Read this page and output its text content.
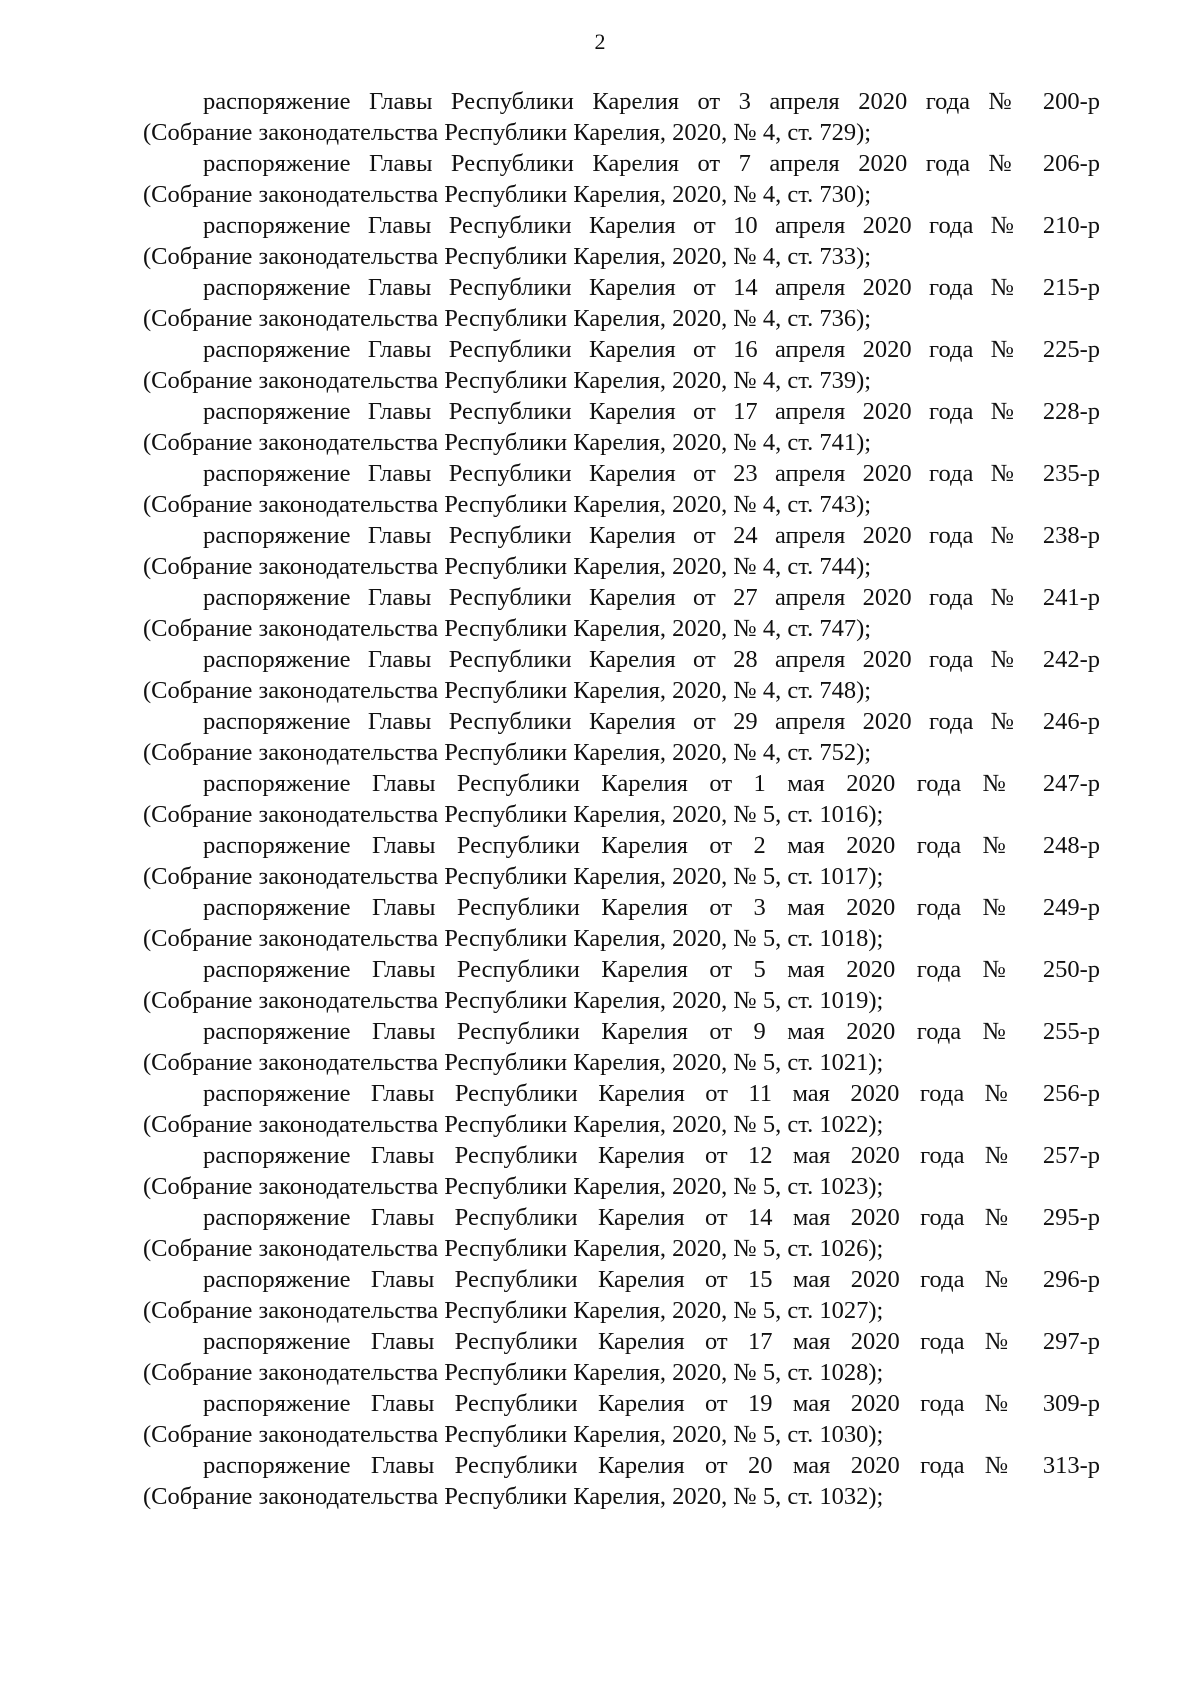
2

распоряжение Главы Республики Карелия от 3 апреля 2020 года № 200-р
(Собрание законодательства Республики Карелия, 2020, № 4, ст. 729);

распоряжение Главы Республики Карелия от 7 апреля 2020 года № 206-р
(Собрание законодательства Республики Карелия, 2020, № 4, ст. 730);

распоряжение Главы Республики Карелия от 10 апреля 2020 года № 210-р
(Собрание законодательства Республики Карелия, 2020, № 4, ст. 733);

распоряжение Главы Республики Карелия от 14 апреля 2020 года № 215-р
(Собрание законодательства Республики Карелия, 2020, № 4, ст. 736);

распоряжение Главы Республики Карелия от 16 апреля 2020 года № 225-р
(Собрание законодательства Республики Карелия, 2020, № 4, ст. 739);

распоряжение Главы Республики Карелия от 17 апреля 2020 года № 228-р
(Собрание законодательства Республики Карелия, 2020, № 4, ст. 741);

распоряжение Главы Республики Карелия от 23 апреля 2020 года № 235-р
(Собрание законодательства Республики Карелия, 2020, № 4, ст. 743);

распоряжение Главы Республики Карелия от 24 апреля 2020 года № 238-р
(Собрание законодательства Республики Карелия, 2020, № 4, ст. 744);

распоряжение Главы Республики Карелия от 27 апреля 2020 года № 241-р
(Собрание законодательства Республики Карелия, 2020, № 4, ст. 747);

распоряжение Главы Республики Карелия от 28 апреля 2020 года № 242-р
(Собрание законодательства Республики Карелия, 2020, № 4, ст. 748);

распоряжение Главы Республики Карелия от 29 апреля 2020 года № 246-р
(Собрание законодательства Республики Карелия, 2020, № 4, ст. 752);

распоряжение Главы Республики Карелия от 1 мая 2020 года № 247-р
(Собрание законодательства Республики Карелия, 2020, № 5, ст. 1016);

распоряжение Главы Республики Карелия от 2 мая 2020 года № 248-р
(Собрание законодательства Республики Карелия, 2020, № 5, ст. 1017);

распоряжение Главы Республики Карелия от 3 мая 2020 года № 249-р
(Собрание законодательства Республики Карелия, 2020, № 5, ст. 1018);

распоряжение Главы Республики Карелия от 5 мая 2020 года № 250-р
(Собрание законодательства Республики Карелия, 2020, № 5, ст. 1019);

распоряжение Главы Республики Карелия от 9 мая 2020 года № 255-р
(Собрание законодательства Республики Карелия, 2020, № 5, ст. 1021);

распоряжение Главы Республики Карелия от 11 мая 2020 года № 256-р
(Собрание законодательства Республики Карелия, 2020, № 5, ст. 1022);

распоряжение Главы Республики Карелия от 12 мая 2020 года № 257-р
(Собрание законодательства Республики Карелия, 2020, № 5, ст. 1023);

распоряжение Главы Республики Карелия от 14 мая 2020 года № 295-р
(Собрание законодательства Республики Карелия, 2020, № 5, ст. 1026);

распоряжение Главы Республики Карелия от 15 мая 2020 года № 296-р
(Собрание законодательства Республики Карелия, 2020, № 5, ст. 1027);

распоряжение Главы Республики Карелия от 17 мая 2020 года № 297-р
(Собрание законодательства Республики Карелия, 2020, № 5, ст. 1028);

распоряжение Главы Республики Карелия от 19 мая 2020 года № 309-р
(Собрание законодательства Республики Карелия, 2020, № 5, ст. 1030);

распоряжение Главы Республики Карелия от 20 мая 2020 года № 313-р
(Собрание законодательства Республики Карелия, 2020, № 5, ст. 1032);
